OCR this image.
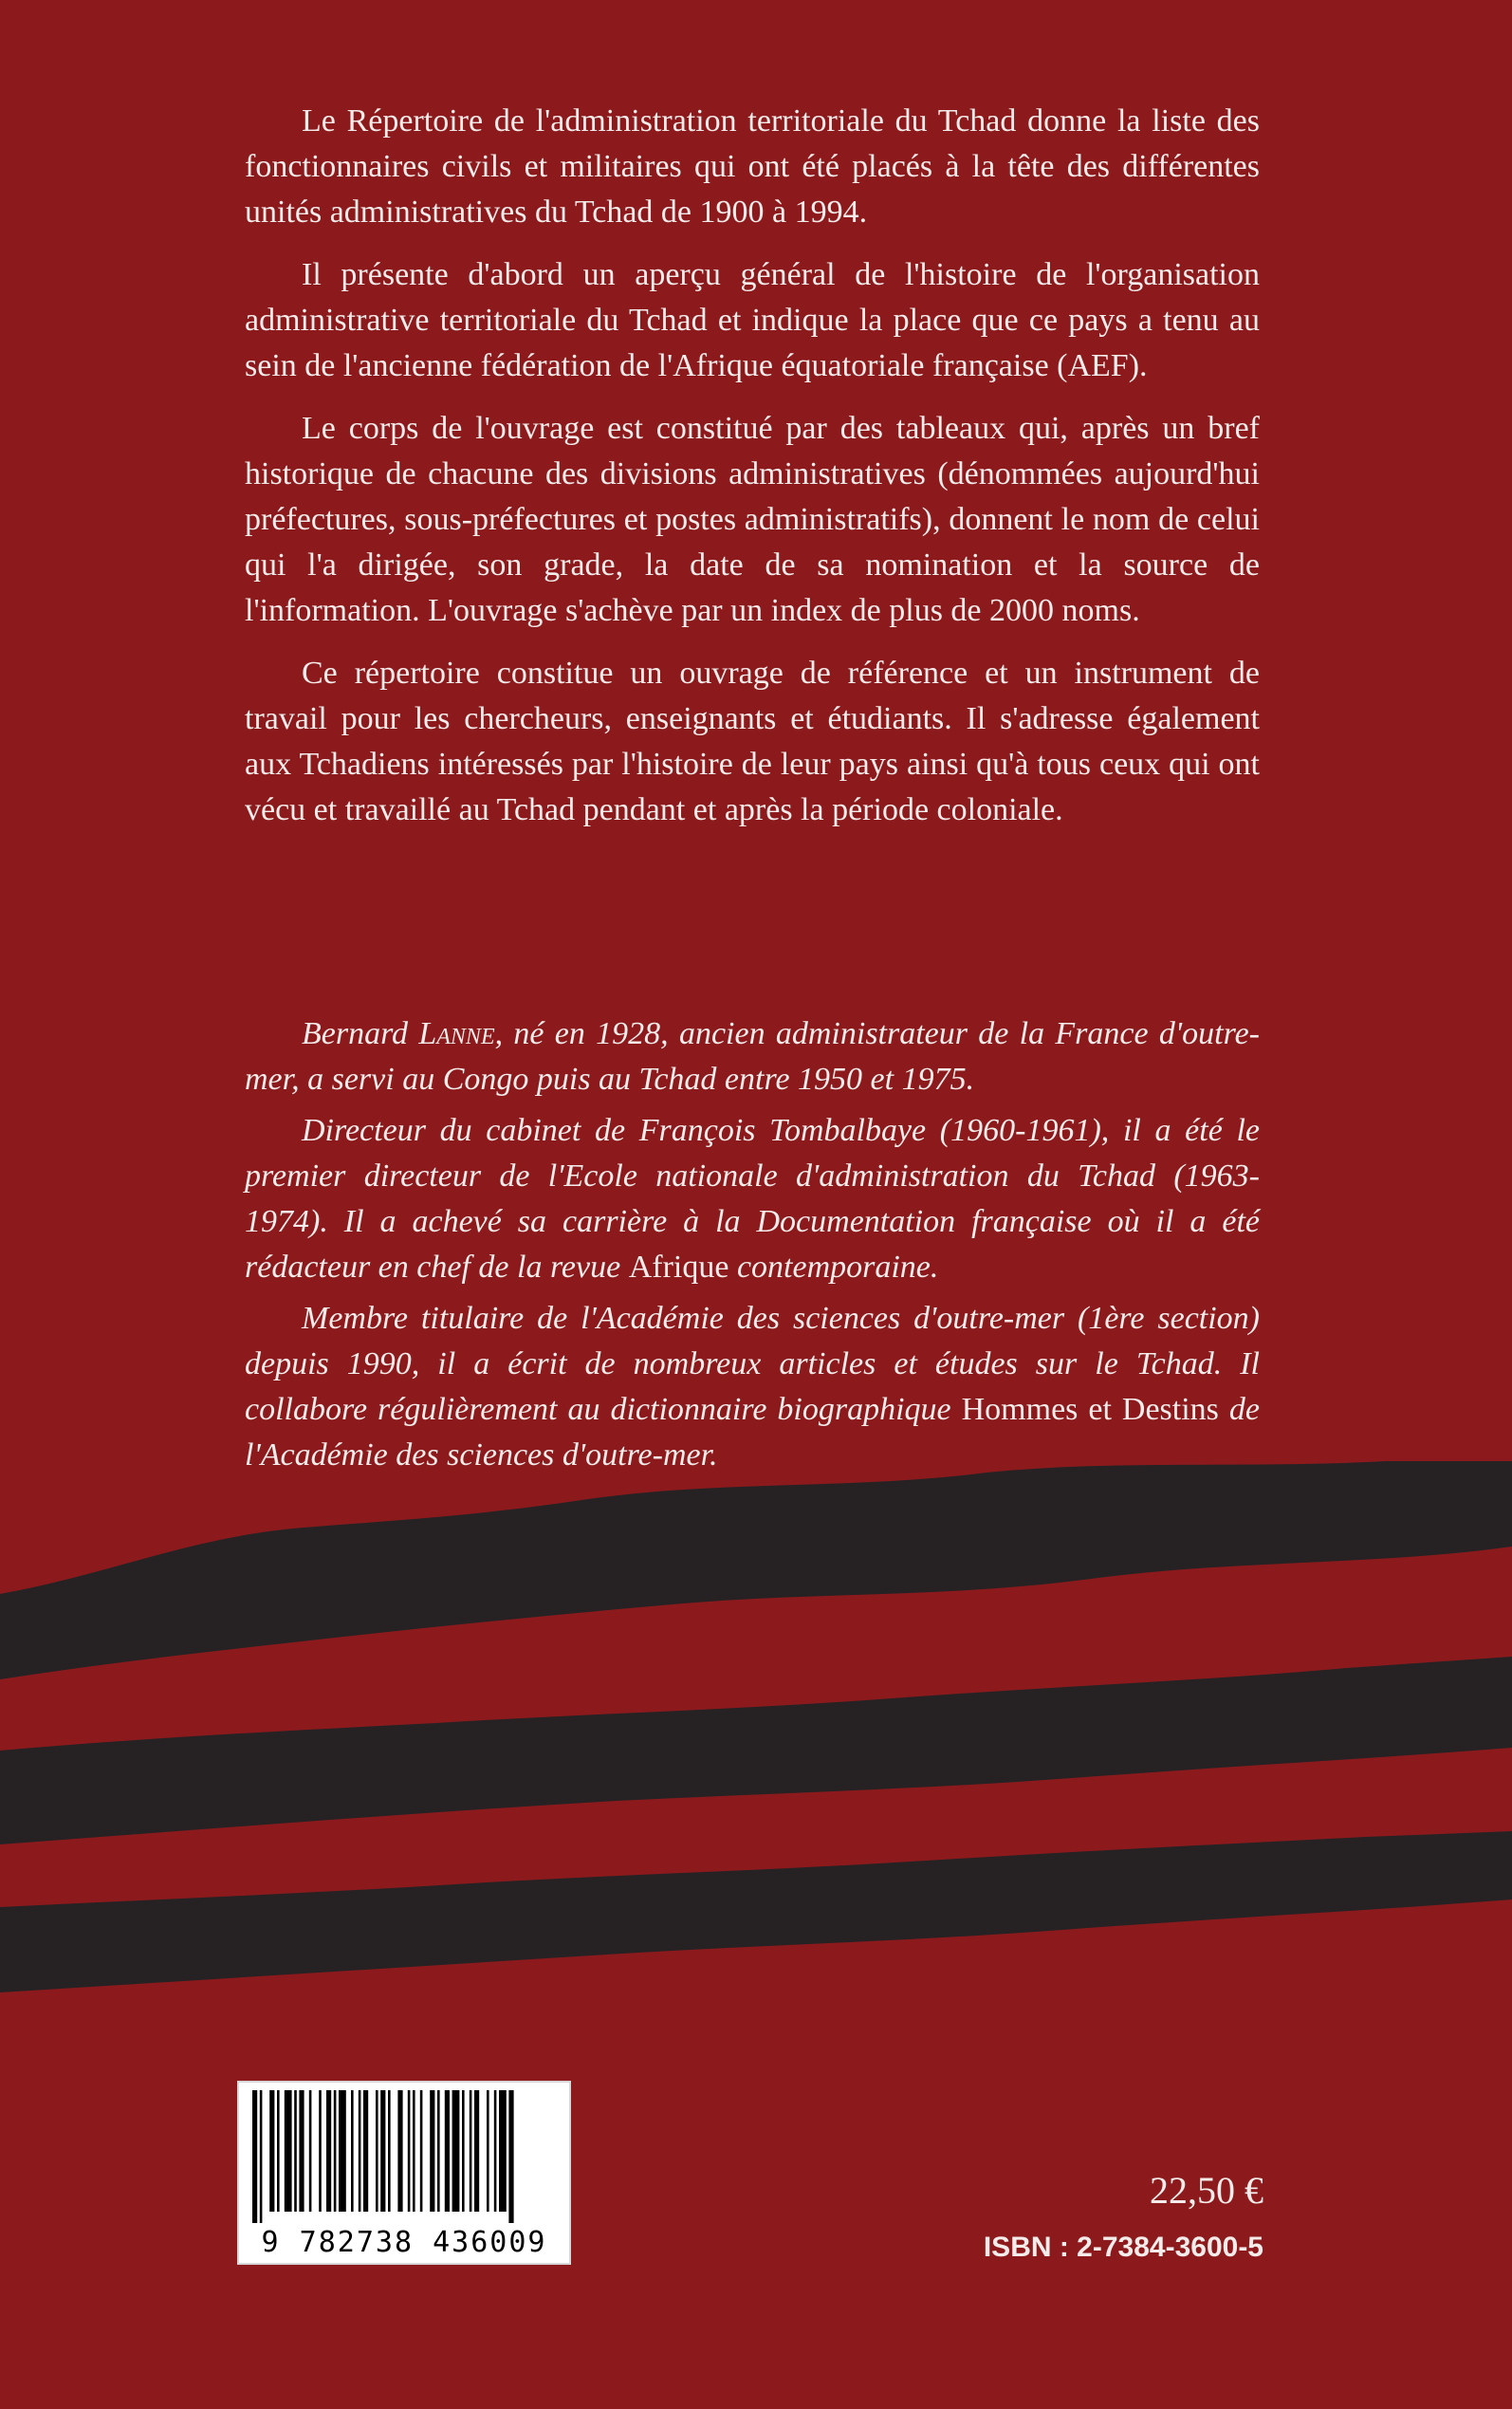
Le Répertoire de l'administration territoriale du Tchad donne la liste des fonctionnaires civils et militaires qui ont été placés à la tête des différentes unités administratives du Tchad de 1900 à 1994.

Il présente d'abord un aperçu général de l'histoire de l'organisation administrative territoriale du Tchad et indique la place que ce pays a tenu au sein de l'ancienne fédération de l'Afrique équatoriale française (AEF).

Le corps de l'ouvrage est constitué par des tableaux qui, après un bref historique de chacune des divisions administratives (dénommées aujourd'hui préfectures, sous-préfectures et postes administratifs), donnent le nom de celui qui l'a dirigée, son grade, la date de sa nomination et la source de l'information. L'ouvrage s'achève par un index de plus de 2000 noms.

Ce répertoire constitue un ouvrage de référence et un instrument de travail pour les chercheurs, enseignants et étudiants. Il s'adresse également aux Tchadiens intéressés par l'histoire de leur pays ainsi qu'à tous ceux qui ont vécu et travaillé au Tchad pendant et après la période coloniale.

Bernard Lanne, né en 1928, ancien administrateur de la France d'outre-mer, a servi au Congo puis au Tchad entre 1950 et 1975.

Directeur du cabinet de François Tombalbaye (1960-1961), il a été le premier directeur de l'Ecole nationale d'administration du Tchad (1963-1974). Il a achevé sa carrière à la Documentation française où il a été rédacteur en chef de la revue Afrique contemporaine.

Membre titulaire de l'Académie des sciences d'outre-mer (1ère section) depuis 1990, il a écrit de nombreux articles et études sur le Tchad. Il collabore régulièrement au dictionnaire biographique Hommes et Destins de l'Académie des sciences d'outre-mer.

9 782738 436009
22,50 €
ISBN : 2-7384-3600-5
